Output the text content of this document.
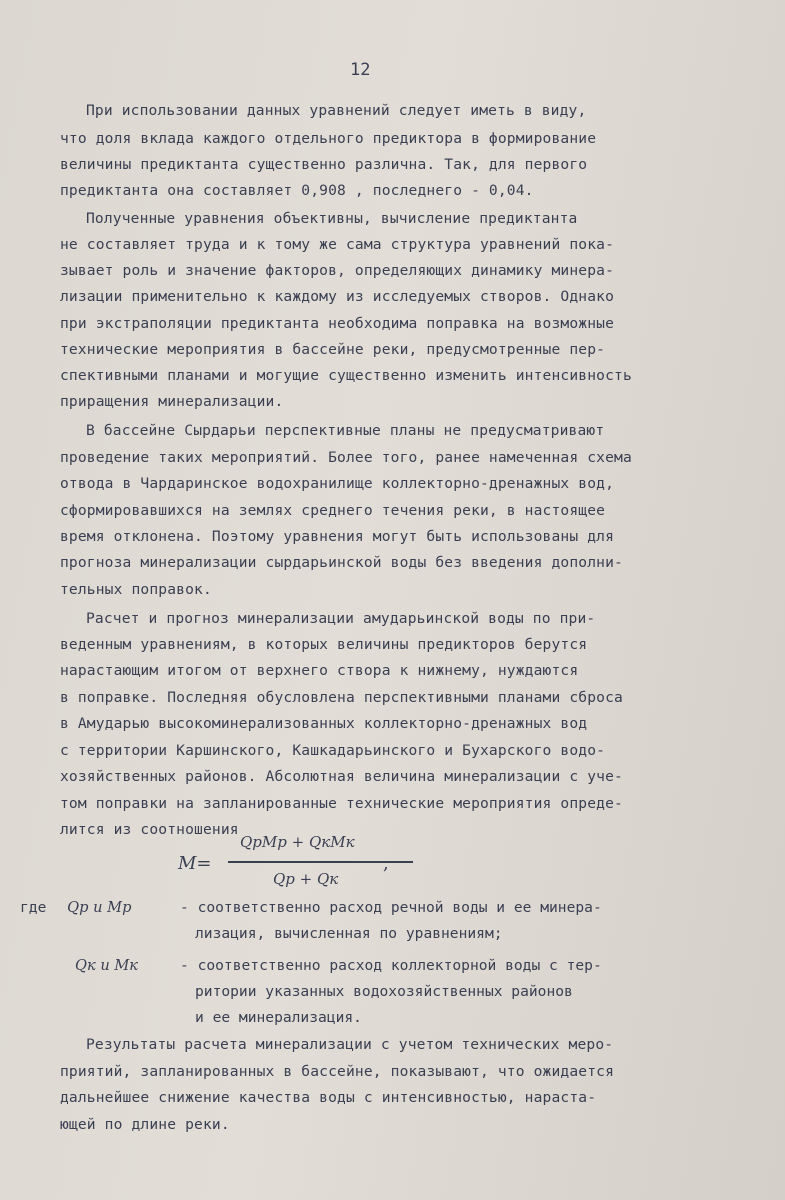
12
При использовании данных уравнений следует иметь в виду,
что доля вклада каждого отдельного предиктора в формирование
величины предиктанта существенно различна. Так, для первого
предиктанта она составляет 0,908 , последнего - 0,04.
Полученные уравнения объективны, вычисление предиктанта
не составляет труда и к тому же сама структура уравнений пока-
зывает роль и значение факторов, определяющих динамику минера-
лизации применительно к каждому из исследуемых створов. Однако
при экстраполяции предиктанта необходима поправка на возможные
технические мероприятия в бассейне реки, предусмотренные пер-
спективными планами и могущие существенно изменить интенсивность
приращения минерализации.
В бассейне Сырдарьи перспективные планы не предусматривают
проведение таких мероприятий. Более того, ранее намеченная схема
отвода в Чардаринское водохранилище коллекторно-дренажных вод,
сформировавшихся на землях среднего течения реки, в настоящее
время отклонена. Поэтому уравнения могут быть использованы для
прогноза минерализации сырдарьинской воды без введения дополни-
тельных поправок.
Расчет и прогноз минерализации амударьинской воды по при-
веденным уравнениям, в которых величины предикторов берутся
нарастающим итогом от верхнего створа к нижнему, нуждаются
в поправке. Последняя обусловлена перспективными планами сброса
в Амударью высокоминерализованных коллекторно-дренажных вод
с территории Каршинского, Кашкадарьинского и Бухарского водо-
хозяйственных районов. Абсолютная величина минерализации с уче-
том поправки на запланированные технические мероприятия опреде-
лится из соотношения
M=
QрMр + QкMк
Qр + Qк
,
где Qр и Mр	- соответственно расход речной воды и ее минера-
лизация, вычисленная по уравнениям;
Qк и Mк	- соответственно расход коллекторной воды с тер-
ритории указанных водохозяйственных районов
и ее минерализация.
Результаты расчета минерализации с учетом технических меро-
приятий, запланированных в бассейне, показывают, что ожидается
дальнейшее снижение качества воды с интенсивностью, нараста-
ющей по длине реки.
